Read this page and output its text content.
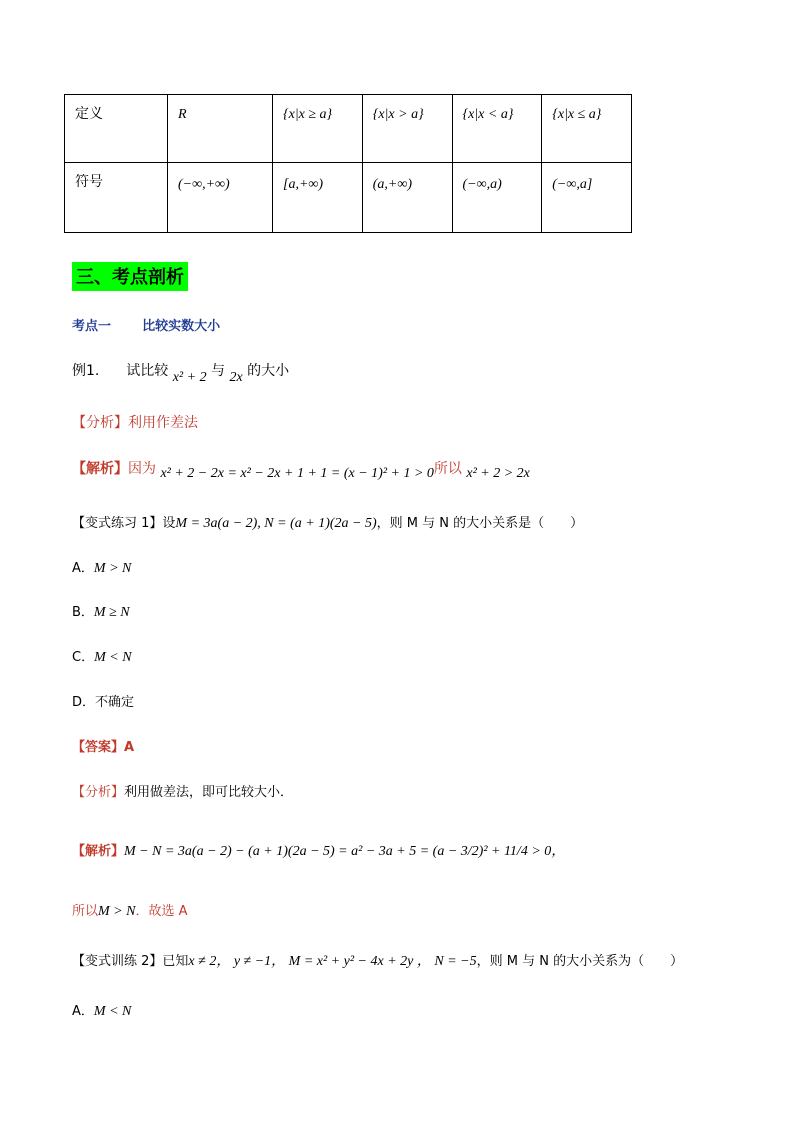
定义	R	{x|x ≥ a}	{x|x > a}	{x|x < a}	{x|x ≤ a}
符号	(−∞,+∞)	[a,+∞)	(a,+∞)	(−∞,a)	(−∞,a]
三、考点剖析
考点一 比较实数大小
例1. 试比较 x² + 2 与 2x 的大小
【分析】利用作差法
【解析】因为 x² + 2 − 2x = x² − 2x + 1 + 1 = (x − 1)² + 1 > 0所以 x² + 2 > 2x
【变式练习 1】设M = 3a(a − 2), N = (a + 1)(2a − 5)，则 M 与 N 的大小关系是（　　）
A．M > N
B．M ≥ N
C．M < N
D．不确定
【答案】A
【分析】利用做差法，即可比较大小．
【解析】M − N = 3a(a − 2) − (a + 1)(2a − 5) = a² − 3a + 5 = (a − 3/2)² + 11/4 > 0，
所以M > N．故选 A
【变式训练 2】已知x ≠ 2， y ≠ −1， M = x² + y² − 4x + 2y ， N = −5，则 M 与 N 的大小关系为（　　）
A．M < N
